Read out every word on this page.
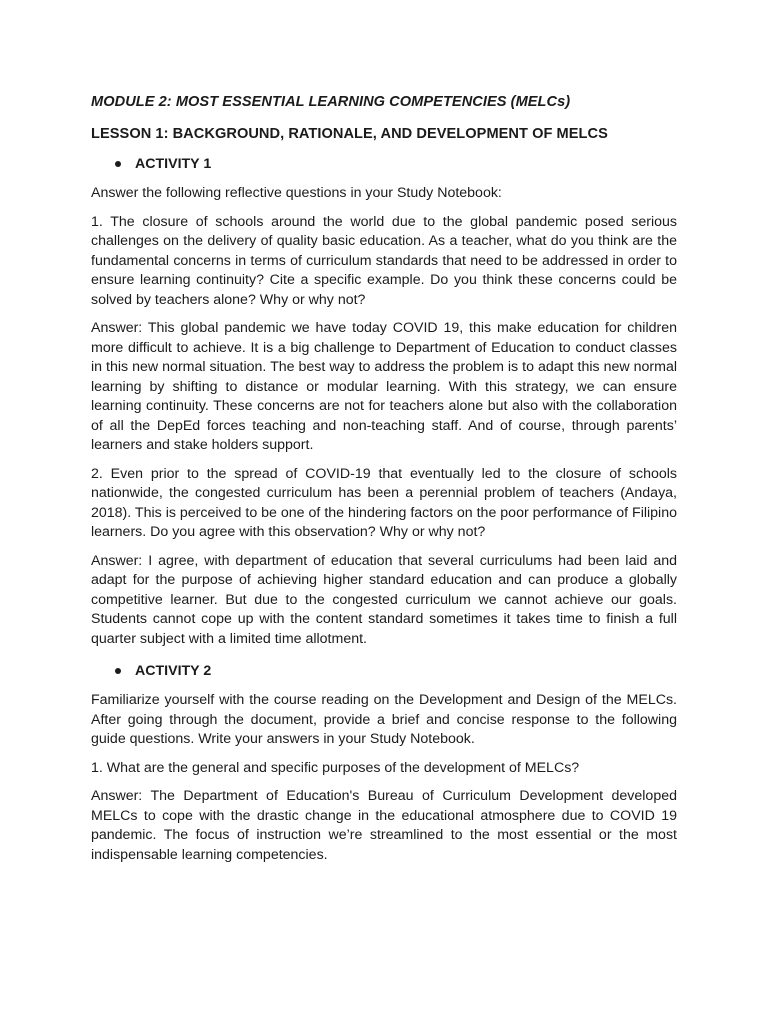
MODULE 2: MOST ESSENTIAL LEARNING COMPETENCIES (MELCs)
LESSON 1: BACKGROUND, RATIONALE, AND DEVELOPMENT OF MELCS
ACTIVITY 1

Answer the following reflective questions in your Study Notebook:

1. The closure of schools around the world due to the global pandemic posed serious challenges on the delivery of quality basic education. As a teacher, what do you think are the fundamental concerns in terms of curriculum standards that need to be addressed in order to ensure learning continuity? Cite a specific example. Do you think these concerns could be solved by teachers alone? Why or why not?

Answer: This global pandemic we have today COVID 19, this make education for children more difficult to achieve. It is a big challenge to Department of Education to conduct classes in this new normal situation. The best way to address the problem is to adapt this new normal learning by shifting to distance or modular learning. With this strategy, we can ensure learning continuity. These concerns are not for teachers alone but also with the collaboration of all the DepEd forces teaching and non-teaching staff. And of course, through parents’ learners and stake holders support.

2. Even prior to the spread of COVID-19 that eventually led to the closure of schools nationwide, the congested curriculum has been a perennial problem of teachers (Andaya, 2018). This is perceived to be one of the hindering factors on the poor performance of Filipino learners. Do you agree with this observation? Why or why not?

Answer: I agree, with department of education that several curriculums had been laid and adapt for the purpose of achieving higher standard education and can produce a globally competitive learner. But due to the congested curriculum we cannot achieve our goals. Students cannot cope up with the content standard sometimes it takes time to finish a full quarter subject with a limited time allotment.

ACTIVITY 2

Familiarize yourself with the course reading on the Development and Design of the MELCs. After going through the document, provide a brief and concise response to the following guide questions. Write your answers in your Study Notebook.

1. What are the general and specific purposes of the development of MELCs?

Answer: The Department of Education's Bureau of Curriculum Development developed MELCs to cope with the drastic change in the educational atmosphere due to COVID 19 pandemic. The focus of instruction we’re streamlined to the most essential or the most indispensable learning competencies.
